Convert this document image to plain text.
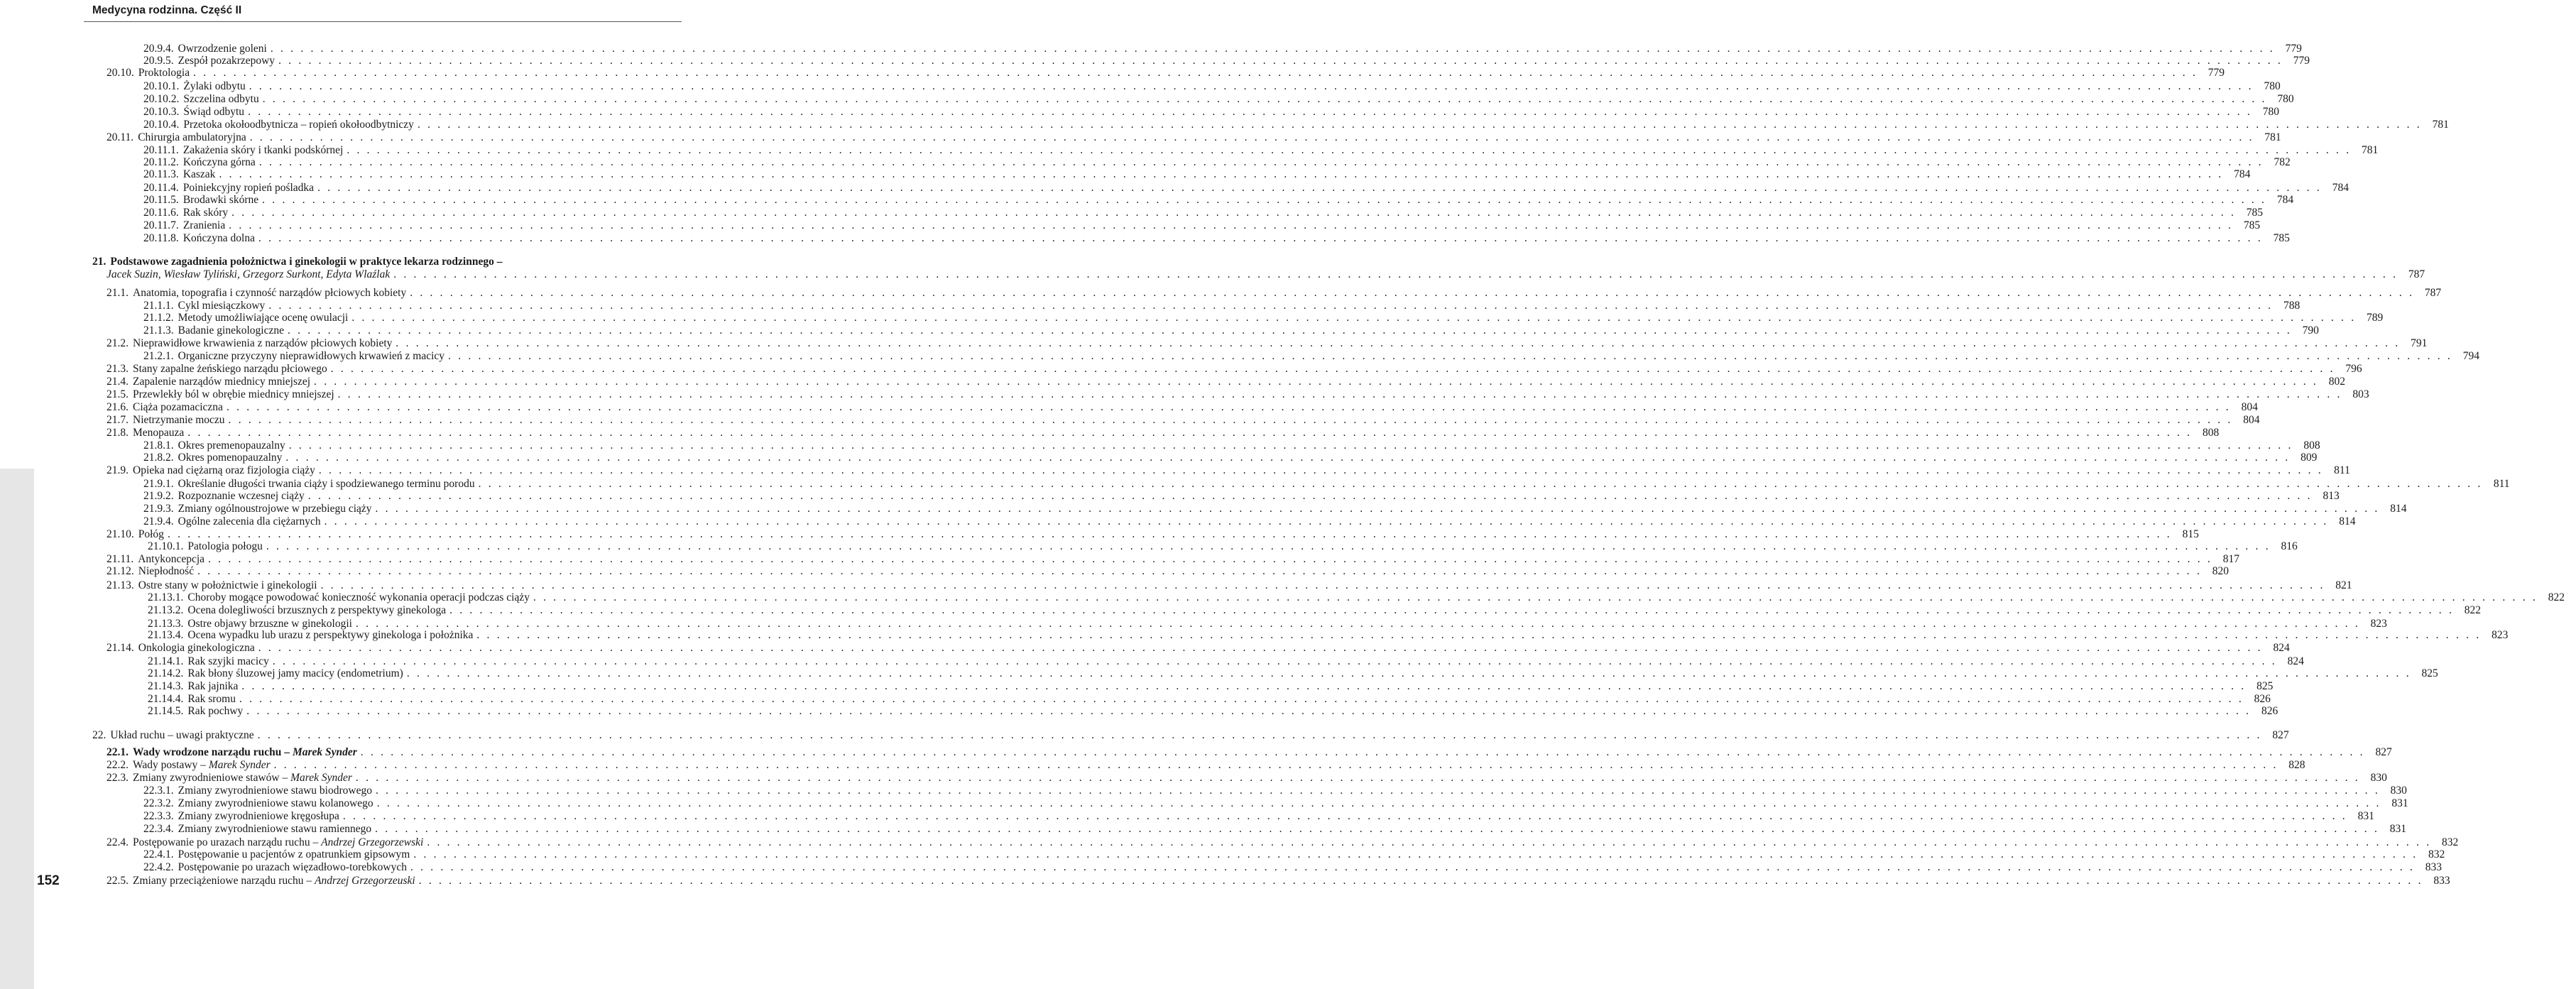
Medycyna rodzinna. Część II
152
20.9.4. Owrzodzenie goleni . . . . . . . . . . . . . . . . . . . . . . . . . . . . . . . . . . . . . . . . . . . . . . . . . . . . . . . . . . . . . . . . . . . . . . . . . . . . . . . . . . . . . . . . . . . . . . . . . . . . . . . . . . . . . . . . . . . . . . . . . . . . . . . . . . . . . . . . . . . . . . . . . . . . . . . . . . . . . . . . . . . . . . . . . . . . . . . . . . . . . . . . . . . . . . . . . . . . . . . . 779
20.9.5. Zespół pozakrzepowy . . . . . . . . . . . . . . . . . . . . . . . . . . . . . . . . . . . . . . . . . . . . . . . . . . . . . . . . . . . . . . . . . . . . . . . . . . . . . . . . . . . . . . . . . . . . . . . . . . . . . . . . . . . . . . . . . . . . . . . . . . . . . . . . . . . . . . . . . . . . . . . . . . . . . . . . . . . . . . . . . . . . . . . . . . . . . . . . . . . . . . . . . . . . . . . . . . . . . . . . 779
20.10. Proktologia . . . . . . . . . . . . . . . . . . . . . . . . . . . . . . . . . . . . . . . . . . . . . . . . . . . . . . . . . . . . . . . . . . . . . . . . . . . . . . . . . . . . . . . . . . . . . . . . . . . . . . . . . . . . . . . . . . . . . . . . . . . . . . . . . . . . . . . . . . . . . . . . . . . . . . . . . . . . . . . . . . . . . . . . . . . . . . . . . . . . . . . . . . . . . . . . . . . . . . . . 779
20.10.1. Żylaki odbytu . . . . . . . . . . . . . . . . . . . . . . . . . . . . . . . . . . . . . . . . . . . . . . . . . . . . . . . . . . . . . . . . . . . . . . . . . . . . . . . . . . . . . . . . . . . . . . . . . . . . . . . . . . . . . . . . . . . . . . . . . . . . . . . . . . . . . . . . . . . . . . . . . . . . . . . . . . . . . . . . . . . . . . . . . . . . . . . . . . . . . . . . . . . . . . . . . . . . . . . . 780
20.10.2. Szczelina odbytu . . . . . . . . . . . . . . . . . . . . . . . . . . . . . . . . . . . . . . . . . . . . . . . . . . . . . . . . . . . . . . . . . . . . . . . . . . . . . . . . . . . . . . . . . . . . . . . . . . . . . . . . . . . . . . . . . . . . . . . . . . . . . . . . . . . . . . . . . . . . . . . . . . . . . . . . . . . . . . . . . . . . . . . . . . . . . . . . . . . . . . . . . . . . . . . . . . . . . . . . 780
20.10.3. Świąd odbytu . . . . . . . . . . . . . . . . . . . . . . . . . . . . . . . . . . . . . . . . . . . . . . . . . . . . . . . . . . . . . . . . . . . . . . . . . . . . . . . . . . . . . . . . . . . . . . . . . . . . . . . . . . . . . . . . . . . . . . . . . . . . . . . . . . . . . . . . . . . . . . . . . . . . . . . . . . . . . . . . . . . . . . . . . . . . . . . . . . . . . . . . . . . . . . . . . . . . . . . . 780
20.10.4. Przetoka okołoodbytnicza – ropień okołoodbytniczy . . . . . . . . . . . . . . . . . . . . . . . . . . . . . . . . . . . . . . . . . . . . . . . . . . . . . . . . . . . . . . . . . . . . . . . . . . . . . . . . . . . . . . . . . . . . . . . . . . . . . . . . . . . . . . . . . . . . . . . . . . . . . . . . . . . . . . . . . . . . . . . . . . . . . . . . . . . . . . . . . . . . . . . . . . . . . . . . . . . . . . . . . . . . . . . . . . . . . . . . 781
20.11. Chirurgia ambulatoryjna . . . . . . . . . . . . . . . . . . . . . . . . . . . . . . . . . . . . . . . . . . . . . . . . . . . . . . . . . . . . . . . . . . . . . . . . . . . . . . . . . . . . . . . . . . . . . . . . . . . . . . . . . . . . . . . . . . . . . . . . . . . . . . . . . . . . . . . . . . . . . . . . . . . . . . . . . . . . . . . . . . . . . . . . . . . . . . . . . . . . . . . . . . . . . . . . . . . . . . . . 781
20.11.1. Zakażenia skóry i tkanki podskórnej . . . . . . . . . . . . . . . . . . . . . . . . . . . . . . . . . . . . . . . . . . . . . . . . . . . . . . . . . . . . . . . . . . . . . . . . . . . . . . . . . . . . . . . . . . . . . . . . . . . . . . . . . . . . . . . . . . . . . . . . . . . . . . . . . . . . . . . . . . . . . . . . . . . . . . . . . . . . . . . . . . . . . . . . . . . . . . . . . . . . . . . . . . . . . . . . . . . . . . . . 781
20.11.2. Kończyna górna . . . . . . . . . . . . . . . . . . . . . . . . . . . . . . . . . . . . . . . . . . . . . . . . . . . . . . . . . . . . . . . . . . . . . . . . . . . . . . . . . . . . . . . . . . . . . . . . . . . . . . . . . . . . . . . . . . . . . . . . . . . . . . . . . . . . . . . . . . . . . . . . . . . . . . . . . . . . . . . . . . . . . . . . . . . . . . . . . . . . . . . . . . . . . . . . . . . . . . . . 782
20.11.3. Kaszak . . . . . . . . . . . . . . . . . . . . . . . . . . . . . . . . . . . . . . . . . . . . . . . . . . . . . . . . . . . . . . . . . . . . . . . . . . . . . . . . . . . . . . . . . . . . . . . . . . . . . . . . . . . . . . . . . . . . . . . . . . . . . . . . . . . . . . . . . . . . . . . . . . . . . . . . . . . . . . . . . . . . . . . . . . . . . . . . . . . . . . . . . . . . . . . . . . . . . . . . 784
20.11.4. Poiniekcyjny ropień pośladka . . . . . . . . . . . . . . . . . . . . . . . . . . . . . . . . . . . . . . . . . . . . . . . . . . . . . . . . . . . . . . . . . . . . . . . . . . . . . . . . . . . . . . . . . . . . . . . . . . . . . . . . . . . . . . . . . . . . . . . . . . . . . . . . . . . . . . . . . . . . . . . . . . . . . . . . . . . . . . . . . . . . . . . . . . . . . . . . . . . . . . . . . . . . . . . . . . . . . . . . 784
20.11.5. Brodawki skórne . . . . . . . . . . . . . . . . . . . . . . . . . . . . . . . . . . . . . . . . . . . . . . . . . . . . . . . . . . . . . . . . . . . . . . . . . . . . . . . . . . . . . . . . . . . . . . . . . . . . . . . . . . . . . . . . . . . . . . . . . . . . . . . . . . . . . . . . . . . . . . . . . . . . . . . . . . . . . . . . . . . . . . . . . . . . . . . . . . . . . . . . . . . . . . . . . . . . . . . . 784
20.11.6. Rak skóry . . . . . . . . . . . . . . . . . . . . . . . . . . . . . . . . . . . . . . . . . . . . . . . . . . . . . . . . . . . . . . . . . . . . . . . . . . . . . . . . . . . . . . . . . . . . . . . . . . . . . . . . . . . . . . . . . . . . . . . . . . . . . . . . . . . . . . . . . . . . . . . . . . . . . . . . . . . . . . . . . . . . . . . . . . . . . . . . . . . . . . . . . . . . . . . . . . . . . . . . 785
20.11.7. Zranienia . . . . . . . . . . . . . . . . . . . . . . . . . . . . . . . . . . . . . . . . . . . . . . . . . . . . . . . . . . . . . . . . . . . . . . . . . . . . . . . . . . . . . . . . . . . . . . . . . . . . . . . . . . . . . . . . . . . . . . . . . . . . . . . . . . . . . . . . . . . . . . . . . . . . . . . . . . . . . . . . . . . . . . . . . . . . . . . . . . . . . . . . . . . . . . . . . . . . . . . . 785
20.11.8. Kończyna dolna . . . . . . . . . . . . . . . . . . . . . . . . . . . . . . . . . . . . . . . . . . . . . . . . . . . . . . . . . . . . . . . . . . . . . . . . . . . . . . . . . . . . . . . . . . . . . . . . . . . . . . . . . . . . . . . . . . . . . . . . . . . . . . . . . . . . . . . . . . . . . . . . . . . . . . . . . . . . . . . . . . . . . . . . . . . . . . . . . . . . . . . . . . . . . . . . . . . . . . . . 785
21. Podstawowe zagadnienia położnictwa i ginekologii w praktyce lekarza rodzinnego –
Jacek Suzin, Wiesław Tyliński, Grzegorz Surkont, Edyta Wlaźlak . . . . . . . . . . . . . . . . . . . . . . . . . . . . . . . . . . . . . . . . . . . . . . . . . . . . . . . . . . . . . . . . . . . . . . . . . . . . . . . . . . . . . . . . . . . . . . . . . . . . . . . . . . . . . . . . . . . . . . . . . . . . . . . . . . . . . . . . . . . . . . . . . . . . . . . . . . . . . . . . . . . . . . . . . . . . . . . . . . . . . . . . . . . . . . . . . . . . . . . . 787
21.1. Anatomia, topografia i czynność narządów płciowych kobiety . . . . . . . . . . . . . . . . . . . . . . . . . . . . . . . . . . . . . . . . . . . . . . . . . . . . . . . . . . . . . . . . . . . . . . . . . . . . . . . . . . . . . . . . . . . . . . . . . . . . . . . . . . . . . . . . . . . . . . . . . . . . . . . . . . . . . . . . . . . . . . . . . . . . . . . . . . . . . . . . . . . . . . . . . . . . . . . . . . . . . . . . . . . . . . . . . . . . . . . . 787
21.1.1. Cykl miesiączkowy . . . . . . . . . . . . . . . . . . . . . . . . . . . . . . . . . . . . . . . . . . . . . . . . . . . . . . . . . . . . . . . . . . . . . . . . . . . . . . . . . . . . . . . . . . . . . . . . . . . . . . . . . . . . . . . . . . . . . . . . . . . . . . . . . . . . . . . . . . . . . . . . . . . . . . . . . . . . . . . . . . . . . . . . . . . . . . . . . . . . . . . . . . . . . . . . . . . . . . . . 788
21.1.2. Metody umożliwiające ocenę owulacji . . . . . . . . . . . . . . . . . . . . . . . . . . . . . . . . . . . . . . . . . . . . . . . . . . . . . . . . . . . . . . . . . . . . . . . . . . . . . . . . . . . . . . . . . . . . . . . . . . . . . . . . . . . . . . . . . . . . . . . . . . . . . . . . . . . . . . . . . . . . . . . . . . . . . . . . . . . . . . . . . . . . . . . . . . . . . . . . . . . . . . . . . . . . . . . . . . . . . . . . 789
21.1.3. Badanie ginekologiczne . . . . . . . . . . . . . . . . . . . . . . . . . . . . . . . . . . . . . . . . . . . . . . . . . . . . . . . . . . . . . . . . . . . . . . . . . . . . . . . . . . . . . . . . . . . . . . . . . . . . . . . . . . . . . . . . . . . . . . . . . . . . . . . . . . . . . . . . . . . . . . . . . . . . . . . . . . . . . . . . . . . . . . . . . . . . . . . . . . . . . . . . . . . . . . . . . . . . . . . . 790
21.2. Nieprawidłowe krwawienia z narządów płciowych kobiety . . . . . . . . . . . . . . . . . . . . . . . . . . . . . . . . . . . . . . . . . . . . . . . . . . . . . . . . . . . . . . . . . . . . . . . . . . . . . . . . . . . . . . . . . . . . . . . . . . . . . . . . . . . . . . . . . . . . . . . . . . . . . . . . . . . . . . . . . . . . . . . . . . . . . . . . . . . . . . . . . . . . . . . . . . . . . . . . . . . . . . . . . . . . . . . . . . . . . . . . 791
21.2.1. Organiczne przyczyny nieprawidłowych krwawień z macicy . . . . . . . . . . . . . . . . . . . . . . . . . . . . . . . . . . . . . . . . . . . . . . . . . . . . . . . . . . . . . . . . . . . . . . . . . . . . . . . . . . . . . . . . . . . . . . . . . . . . . . . . . . . . . . . . . . . . . . . . . . . . . . . . . . . . . . . . . . . . . . . . . . . . . . . . . . . . . . . . . . . . . . . . . . . . . . . . . . . . . . . . . . . . . . . . . . . . . . . . 794
21.3. Stany zapalne żeńskiego narządu płciowego . . . . . . . . . . . . . . . . . . . . . . . . . . . . . . . . . . . . . . . . . . . . . . . . . . . . . . . . . . . . . . . . . . . . . . . . . . . . . . . . . . . . . . . . . . . . . . . . . . . . . . . . . . . . . . . . . . . . . . . . . . . . . . . . . . . . . . . . . . . . . . . . . . . . . . . . . . . . . . . . . . . . . . . . . . . . . . . . . . . . . . . . . . . . . . . . . . . . . . . . 796
21.4. Zapalenie narządów miednicy mniejszej . . . . . . . . . . . . . . . . . . . . . . . . . . . . . . . . . . . . . . . . . . . . . . . . . . . . . . . . . . . . . . . . . . . . . . . . . . . . . . . . . . . . . . . . . . . . . . . . . . . . . . . . . . . . . . . . . . . . . . . . . . . . . . . . . . . . . . . . . . . . . . . . . . . . . . . . . . . . . . . . . . . . . . . . . . . . . . . . . . . . . . . . . . . . . . . . . . . . . . . . 802
21.5. Przewlekły ból w obrębie miednicy mniejszej . . . . . . . . . . . . . . . . . . . . . . . . . . . . . . . . . . . . . . . . . . . . . . . . . . . . . . . . . . . . . . . . . . . . . . . . . . . . . . . . . . . . . . . . . . . . . . . . . . . . . . . . . . . . . . . . . . . . . . . . . . . . . . . . . . . . . . . . . . . . . . . . . . . . . . . . . . . . . . . . . . . . . . . . . . . . . . . . . . . . . . . . . . . . . . . . . . . . . . . . 803
21.6. Ciąża pozamaciczna . . . . . . . . . . . . . . . . . . . . . . . . . . . . . . . . . . . . . . . . . . . . . . . . . . . . . . . . . . . . . . . . . . . . . . . . . . . . . . . . . . . . . . . . . . . . . . . . . . . . . . . . . . . . . . . . . . . . . . . . . . . . . . . . . . . . . . . . . . . . . . . . . . . . . . . . . . . . . . . . . . . . . . . . . . . . . . . . . . . . . . . . . . . . . . . . . . . . . . . . 804
21.7. Nietrzymanie moczu . . . . . . . . . . . . . . . . . . . . . . . . . . . . . . . . . . . . . . . . . . . . . . . . . . . . . . . . . . . . . . . . . . . . . . . . . . . . . . . . . . . . . . . . . . . . . . . . . . . . . . . . . . . . . . . . . . . . . . . . . . . . . . . . . . . . . . . . . . . . . . . . . . . . . . . . . . . . . . . . . . . . . . . . . . . . . . . . . . . . . . . . . . . . . . . . . . . . . . . . 804
21.8. Menopauza . . . . . . . . . . . . . . . . . . . . . . . . . . . . . . . . . . . . . . . . . . . . . . . . . . . . . . . . . . . . . . . . . . . . . . . . . . . . . . . . . . . . . . . . . . . . . . . . . . . . . . . . . . . . . . . . . . . . . . . . . . . . . . . . . . . . . . . . . . . . . . . . . . . . . . . . . . . . . . . . . . . . . . . . . . . . . . . . . . . . . . . . . . . . . . . . . . . . . . . . 808
21.8.1. Okres premenopauzalny . . . . . . . . . . . . . . . . . . . . . . . . . . . . . . . . . . . . . . . . . . . . . . . . . . . . . . . . . . . . . . . . . . . . . . . . . . . . . . . . . . . . . . . . . . . . . . . . . . . . . . . . . . . . . . . . . . . . . . . . . . . . . . . . . . . . . . . . . . . . . . . . . . . . . . . . . . . . . . . . . . . . . . . . . . . . . . . . . . . . . . . . . . . . . . . . . . . . . . . . 808
21.8.2. Okres pomenopauzalny . . . . . . . . . . . . . . . . . . . . . . . . . . . . . . . . . . . . . . . . . . . . . . . . . . . . . . . . . . . . . . . . . . . . . . . . . . . . . . . . . . . . . . . . . . . . . . . . . . . . . . . . . . . . . . . . . . . . . . . . . . . . . . . . . . . . . . . . . . . . . . . . . . . . . . . . . . . . . . . . . . . . . . . . . . . . . . . . . . . . . . . . . . . . . . . . . . . . . . . . 809
21.9. Opieka nad ciężarną oraz fizjologia ciąży . . . . . . . . . . . . . . . . . . . . . . . . . . . . . . . . . . . . . . . . . . . . . . . . . . . . . . . . . . . . . . . . . . . . . . . . . . . . . . . . . . . . . . . . . . . . . . . . . . . . . . . . . . . . . . . . . . . . . . . . . . . . . . . . . . . . . . . . . . . . . . . . . . . . . . . . . . . . . . . . . . . . . . . . . . . . . . . . . . . . . . . . . . . . . . . . . . . . . . . . 811
21.9.1. Określanie długości trwania ciąży i spodziewanego terminu porodu . . . . . . . . . . . . . . . . . . . . . . . . . . . . . . . . . . . . . . . . . . . . . . . . . . . . . . . . . . . . . . . . . . . . . . . . . . . . . . . . . . . . . . . . . . . . . . . . . . . . . . . . . . . . . . . . . . . . . . . . . . . . . . . . . . . . . . . . . . . . . . . . . . . . . . . . . . . . . . . . . . . . . . . . . . . . . . . . . . . . . . . . . . . . . . . . . . . . . . . . 811
21.9.2. Rozpoznanie wczesnej ciąży . . . . . . . . . . . . . . . . . . . . . . . . . . . . . . . . . . . . . . . . . . . . . . . . . . . . . . . . . . . . . . . . . . . . . . . . . . . . . . . . . . . . . . . . . . . . . . . . . . . . . . . . . . . . . . . . . . . . . . . . . . . . . . . . . . . . . . . . . . . . . . . . . . . . . . . . . . . . . . . . . . . . . . . . . . . . . . . . . . . . . . . . . . . . . . . . . . . . . . . . 813
21.9.3. Zmiany ogólnoustrojowe w przebiegu ciąży . . . . . . . . . . . . . . . . . . . . . . . . . . . . . . . . . . . . . . . . . . . . . . . . . . . . . . . . . . . . . . . . . . . . . . . . . . . . . . . . . . . . . . . . . . . . . . . . . . . . . . . . . . . . . . . . . . . . . . . . . . . . . . . . . . . . . . . . . . . . . . . . . . . . . . . . . . . . . . . . . . . . . . . . . . . . . . . . . . . . . . . . . . . . . . . . . . . . . . . . 814
21.9.4. Ogólne zalecenia dla ciężarnych . . . . . . . . . . . . . . . . . . . . . . . . . . . . . . . . . . . . . . . . . . . . . . . . . . . . . . . . . . . . . . . . . . . . . . . . . . . . . . . . . . . . . . . . . . . . . . . . . . . . . . . . . . . . . . . . . . . . . . . . . . . . . . . . . . . . . . . . . . . . . . . . . . . . . . . . . . . . . . . . . . . . . . . . . . . . . . . . . . . . . . . . . . . . . . . . . . . . . . . . 814
21.10. Połóg . . . . . . . . . . . . . . . . . . . . . . . . . . . . . . . . . . . . . . . . . . . . . . . . . . . . . . . . . . . . . . . . . . . . . . . . . . . . . . . . . . . . . . . . . . . . . . . . . . . . . . . . . . . . . . . . . . . . . . . . . . . . . . . . . . . . . . . . . . . . . . . . . . . . . . . . . . . . . . . . . . . . . . . . . . . . . . . . . . . . . . . . . . . . . . . . . . . . . . . . 815
21.10.1. Patologia połogu . . . . . . . . . . . . . . . . . . . . . . . . . . . . . . . . . . . . . . . . . . . . . . . . . . . . . . . . . . . . . . . . . . . . . . . . . . . . . . . . . . . . . . . . . . . . . . . . . . . . . . . . . . . . . . . . . . . . . . . . . . . . . . . . . . . . . . . . . . . . . . . . . . . . . . . . . . . . . . . . . . . . . . . . . . . . . . . . . . . . . . . . . . . . . . . . . . . . . . . . 816
21.11. Antykoncepcja . . . . . . . . . . . . . . . . . . . . . . . . . . . . . . . . . . . . . . . . . . . . . . . . . . . . . . . . . . . . . . . . . . . . . . . . . . . . . . . . . . . . . . . . . . . . . . . . . . . . . . . . . . . . . . . . . . . . . . . . . . . . . . . . . . . . . . . . . . . . . . . . . . . . . . . . . . . . . . . . . . . . . . . . . . . . . . . . . . . . . . . . . . . . . . . . . . . . . . . . 817
21.12. Niepłodność . . . . . . . . . . . . . . . . . . . . . . . . . . . . . . . . . . . . . . . . . . . . . . . . . . . . . . . . . . . . . . . . . . . . . . . . . . . . . . . . . . . . . . . . . . . . . . . . . . . . . . . . . . . . . . . . . . . . . . . . . . . . . . . . . . . . . . . . . . . . . . . . . . . . . . . . . . . . . . . . . . . . . . . . . . . . . . . . . . . . . . . . . . . . . . . . . . . . . . . . 820
21.13. Ostre stany w położnictwie i ginekologii . . . . . . . . . . . . . . . . . . . . . . . . . . . . . . . . . . . . . . . . . . . . . . . . . . . . . . . . . . . . . . . . . . . . . . . . . . . . . . . . . . . . . . . . . . . . . . . . . . . . . . . . . . . . . . . . . . . . . . . . . . . . . . . . . . . . . . . . . . . . . . . . . . . . . . . . . . . . . . . . . . . . . . . . . . . . . . . . . . . . . . . . . . . . . . . . . . . . . . . . 821
21.13.1. Choroby mogące powodować konieczność wykonania operacji podczas ciąży . . . . . . . . . . . . . . . . . . . . . . . . . . . . . . . . . . . . . . . . . . . . . . . . . . . . . . . . . . . . . . . . . . . . . . . . . . . . . . . . . . . . . . . . . . . . . . . . . . . . . . . . . . . . . . . . . . . . . . . . . . . . . . . . . . . . . . . . . . . . . . . . . . . . . . . . . . . . . . . . . . . . . . . . . . . . . . . . . . . . . . . . . . . . . . . . . . . . . . . . 822
21.13.2. Ocena dolegliwości brzusznych z perspektywy ginekologa . . . . . . . . . . . . . . . . . . . . . . . . . . . . . . . . . . . . . . . . . . . . . . . . . . . . . . . . . . . . . . . . . . . . . . . . . . . . . . . . . . . . . . . . . . . . . . . . . . . . . . . . . . . . . . . . . . . . . . . . . . . . . . . . . . . . . . . . . . . . . . . . . . . . . . . . . . . . . . . . . . . . . . . . . . . . . . . . . . . . . . . . . . . . . . . . . . . . . . . . 822
21.13.3. Ostre objawy brzuszne w ginekologii . . . . . . . . . . . . . . . . . . . . . . . . . . . . . . . . . . . . . . . . . . . . . . . . . . . . . . . . . . . . . . . . . . . . . . . . . . . . . . . . . . . . . . . . . . . . . . . . . . . . . . . . . . . . . . . . . . . . . . . . . . . . . . . . . . . . . . . . . . . . . . . . . . . . . . . . . . . . . . . . . . . . . . . . . . . . . . . . . . . . . . . . . . . . . . . . . . . . . . . . 823
21.13.4. Ocena wypadku lub urazu z perspektywy ginekologa i położnika . . . . . . . . . . . . . . . . . . . . . . . . . . . . . . . . . . . . . . . . . . . . . . . . . . . . . . . . . . . . . . . . . . . . . . . . . . . . . . . . . . . . . . . . . . . . . . . . . . . . . . . . . . . . . . . . . . . . . . . . . . . . . . . . . . . . . . . . . . . . . . . . . . . . . . . . . . . . . . . . . . . . . . . . . . . . . . . . . . . . . . . . . . . . . . . . . . . . . . . . 823
21.14. Onkologia ginekologiczna . . . . . . . . . . . . . . . . . . . . . . . . . . . . . . . . . . . . . . . . . . . . . . . . . . . . . . . . . . . . . . . . . . . . . . . . . . . . . . . . . . . . . . . . . . . . . . . . . . . . . . . . . . . . . . . . . . . . . . . . . . . . . . . . . . . . . . . . . . . . . . . . . . . . . . . . . . . . . . . . . . . . . . . . . . . . . . . . . . . . . . . . . . . . . . . . . . . . . . . . 824
21.14.1. Rak szyjki macicy . . . . . . . . . . . . . . . . . . . . . . . . . . . . . . . . . . . . . . . . . . . . . . . . . . . . . . . . . . . . . . . . . . . . . . . . . . . . . . . . . . . . . . . . . . . . . . . . . . . . . . . . . . . . . . . . . . . . . . . . . . . . . . . . . . . . . . . . . . . . . . . . . . . . . . . . . . . . . . . . . . . . . . . . . . . . . . . . . . . . . . . . . . . . . . . . . . . . . . . . 824
21.14.2. Rak błony śluzowej jamy macicy (endometrium) . . . . . . . . . . . . . . . . . . . . . . . . . . . . . . . . . . . . . . . . . . . . . . . . . . . . . . . . . . . . . . . . . . . . . . . . . . . . . . . . . . . . . . . . . . . . . . . . . . . . . . . . . . . . . . . . . . . . . . . . . . . . . . . . . . . . . . . . . . . . . . . . . . . . . . . . . . . . . . . . . . . . . . . . . . . . . . . . . . . . . . . . . . . . . . . . . . . . . . . . 825
21.14.3. Rak jajnika . . . . . . . . . . . . . . . . . . . . . . . . . . . . . . . . . . . . . . . . . . . . . . . . . . . . . . . . . . . . . . . . . . . . . . . . . . . . . . . . . . . . . . . . . . . . . . . . . . . . . . . . . . . . . . . . . . . . . . . . . . . . . . . . . . . . . . . . . . . . . . . . . . . . . . . . . . . . . . . . . . . . . . . . . . . . . . . . . . . . . . . . . . . . . . . . . . . . . . . . 825
21.14.4. Rak sromu . . . . . . . . . . . . . . . . . . . . . . . . . . . . . . . . . . . . . . . . . . . . . . . . . . . . . . . . . . . . . . . . . . . . . . . . . . . . . . . . . . . . . . . . . . . . . . . . . . . . . . . . . . . . . . . . . . . . . . . . . . . . . . . . . . . . . . . . . . . . . . . . . . . . . . . . . . . . . . . . . . . . . . . . . . . . . . . . . . . . . . . . . . . . . . . . . . . . . . . . 826
21.14.5. Rak pochwy . . . . . . . . . . . . . . . . . . . . . . . . . . . . . . . . . . . . . . . . . . . . . . . . . . . . . . . . . . . . . . . . . . . . . . . . . . . . . . . . . . . . . . . . . . . . . . . . . . . . . . . . . . . . . . . . . . . . . . . . . . . . . . . . . . . . . . . . . . . . . . . . . . . . . . . . . . . . . . . . . . . . . . . . . . . . . . . . . . . . . . . . . . . . . . . . . . . . . . . . 826
22. Układ ruchu – uwagi praktyczne . . . . . . . . . . . . . . . . . . . . . . . . . . . . . . . . . . . . . . . . . . . . . . . . . . . . . . . . . . . . . . . . . . . . . . . . . . . . . . . . . . . . . . . . . . . . . . . . . . . . . . . . . . . . . . . . . . . . . . . . . . . . . . . . . . . . . . . . . . . . . . . . . . . . . . . . . . . . . . . . . . . . . . . . . . . . . . . . . . . . . . . . . . . . . . . . . . . . . . . . 827
22.1. Wady wrodzone narządu ruchu – Marek Synder . . . . . . . . . . . . . . . . . . . . . . . . . . . . . . . . . . . . . . . . . . . . . . . . . . . . . . . . . . . . . . . . . . . . . . . . . . . . . . . . . . . . . . . . . . . . . . . . . . . . . . . . . . . . . . . . . . . . . . . . . . . . . . . . . . . . . . . . . . . . . . . . . . . . . . . . . . . . . . . . . . . . . . . . . . . . . . . . . . . . . . . . . . . . . . . . . . . . . . . . 827
22.2. Wady postawy – Marek Synder . . . . . . . . . . . . . . . . . . . . . . . . . . . . . . . . . . . . . . . . . . . . . . . . . . . . . . . . . . . . . . . . . . . . . . . . . . . . . . . . . . . . . . . . . . . . . . . . . . . . . . . . . . . . . . . . . . . . . . . . . . . . . . . . . . . . . . . . . . . . . . . . . . . . . . . . . . . . . . . . . . . . . . . . . . . . . . . . . . . . . . . . . . . . . . . . . . . . . . . . 828
22.3. Zmiany zwyrodnieniowe stawów – Marek Synder . . . . . . . . . . . . . . . . . . . . . . . . . . . . . . . . . . . . . . . . . . . . . . . . . . . . . . . . . . . . . . . . . . . . . . . . . . . . . . . . . . . . . . . . . . . . . . . . . . . . . . . . . . . . . . . . . . . . . . . . . . . . . . . . . . . . . . . . . . . . . . . . . . . . . . . . . . . . . . . . . . . . . . . . . . . . . . . . . . . . . . . . . . . . . . . . . . . . . . . . 830
22.3.1. Zmiany zwyrodnieniowe stawu biodrowego . . . . . . . . . . . . . . . . . . . . . . . . . . . . . . . . . . . . . . . . . . . . . . . . . . . . . . . . . . . . . . . . . . . . . . . . . . . . . . . . . . . . . . . . . . . . . . . . . . . . . . . . . . . . . . . . . . . . . . . . . . . . . . . . . . . . . . . . . . . . . . . . . . . . . . . . . . . . . . . . . . . . . . . . . . . . . . . . . . . . . . . . . . . . . . . . . . . . . . . . 830
22.3.2. Zmiany zwyrodnieniowe stawu kolanowego . . . . . . . . . . . . . . . . . . . . . . . . . . . . . . . . . . . . . . . . . . . . . . . . . . . . . . . . . . . . . . . . . . . . . . . . . . . . . . . . . . . . . . . . . . . . . . . . . . . . . . . . . . . . . . . . . . . . . . . . . . . . . . . . . . . . . . . . . . . . . . . . . . . . . . . . . . . . . . . . . . . . . . . . . . . . . . . . . . . . . . . . . . . . . . . . . . . . . . . . 831
22.3.3. Zmiany zwyrodnieniowe kręgosłupa . . . . . . . . . . . . . . . . . . . . . . . . . . . . . . . . . . . . . . . . . . . . . . . . . . . . . . . . . . . . . . . . . . . . . . . . . . . . . . . . . . . . . . . . . . . . . . . . . . . . . . . . . . . . . . . . . . . . . . . . . . . . . . . . . . . . . . . . . . . . . . . . . . . . . . . . . . . . . . . . . . . . . . . . . . . . . . . . . . . . . . . . . . . . . . . . . . . . . . . . 831
22.3.4. Zmiany zwyrodnieniowe stawu ramiennego . . . . . . . . . . . . . . . . . . . . . . . . . . . . . . . . . . . . . . . . . . . . . . . . . . . . . . . . . . . . . . . . . . . . . . . . . . . . . . . . . . . . . . . . . . . . . . . . . . . . . . . . . . . . . . . . . . . . . . . . . . . . . . . . . . . . . . . . . . . . . . . . . . . . . . . . . . . . . . . . . . . . . . . . . . . . . . . . . . . . . . . . . . . . . . . . . . . . . . . . 831
22.4. Postępowanie po urazach narządu ruchu – Andrzej Grzegorzewski . . . . . . . . . . . . . . . . . . . . . . . . . . . . . . . . . . . . . . . . . . . . . . . . . . . . . . . . . . . . . . . . . . . . . . . . . . . . . . . . . . . . . . . . . . . . . . . . . . . . . . . . . . . . . . . . . . . . . . . . . . . . . . . . . . . . . . . . . . . . . . . . . . . . . . . . . . . . . . . . . . . . . . . . . . . . . . . . . . . . . . . . . . . . . . . . . . . . . . . . 832
22.4.1. Postępowanie u pacjentów z opatrunkiem gipsowym . . . . . . . . . . . . . . . . . . . . . . . . . . . . . . . . . . . . . . . . . . . . . . . . . . . . . . . . . . . . . . . . . . . . . . . . . . . . . . . . . . . . . . . . . . . . . . . . . . . . . . . . . . . . . . . . . . . . . . . . . . . . . . . . . . . . . . . . . . . . . . . . . . . . . . . . . . . . . . . . . . . . . . . . . . . . . . . . . . . . . . . . . . . . . . . . . . . . . . . . 832
22.4.2. Postępowanie po urazach więzadłowo-torebkowych . . . . . . . . . . . . . . . . . . . . . . . . . . . . . . . . . . . . . . . . . . . . . . . . . . . . . . . . . . . . . . . . . . . . . . . . . . . . . . . . . . . . . . . . . . . . . . . . . . . . . . . . . . . . . . . . . . . . . . . . . . . . . . . . . . . . . . . . . . . . . . . . . . . . . . . . . . . . . . . . . . . . . . . . . . . . . . . . . . . . . . . . . . . . . . . . . . . . . . . . 833
22.5. Zmiany przeciążeniowe narządu ruchu – Andrzej Grzegorzeuski . . . . . . . . . . . . . . . . . . . . . . . . . . . . . . . . . . . . . . . . . . . . . . . . . . . . . . . . . . . . . . . . . . . . . . . . . . . . . . . . . . . . . . . . . . . . . . . . . . . . . . . . . . . . . . . . . . . . . . . . . . . . . . . . . . . . . . . . . . . . . . . . . . . . . . . . . . . . . . . . . . . . . . . . . . . . . . . . . . . . . . . . . . . . . . . . . . . . . . . . 833
